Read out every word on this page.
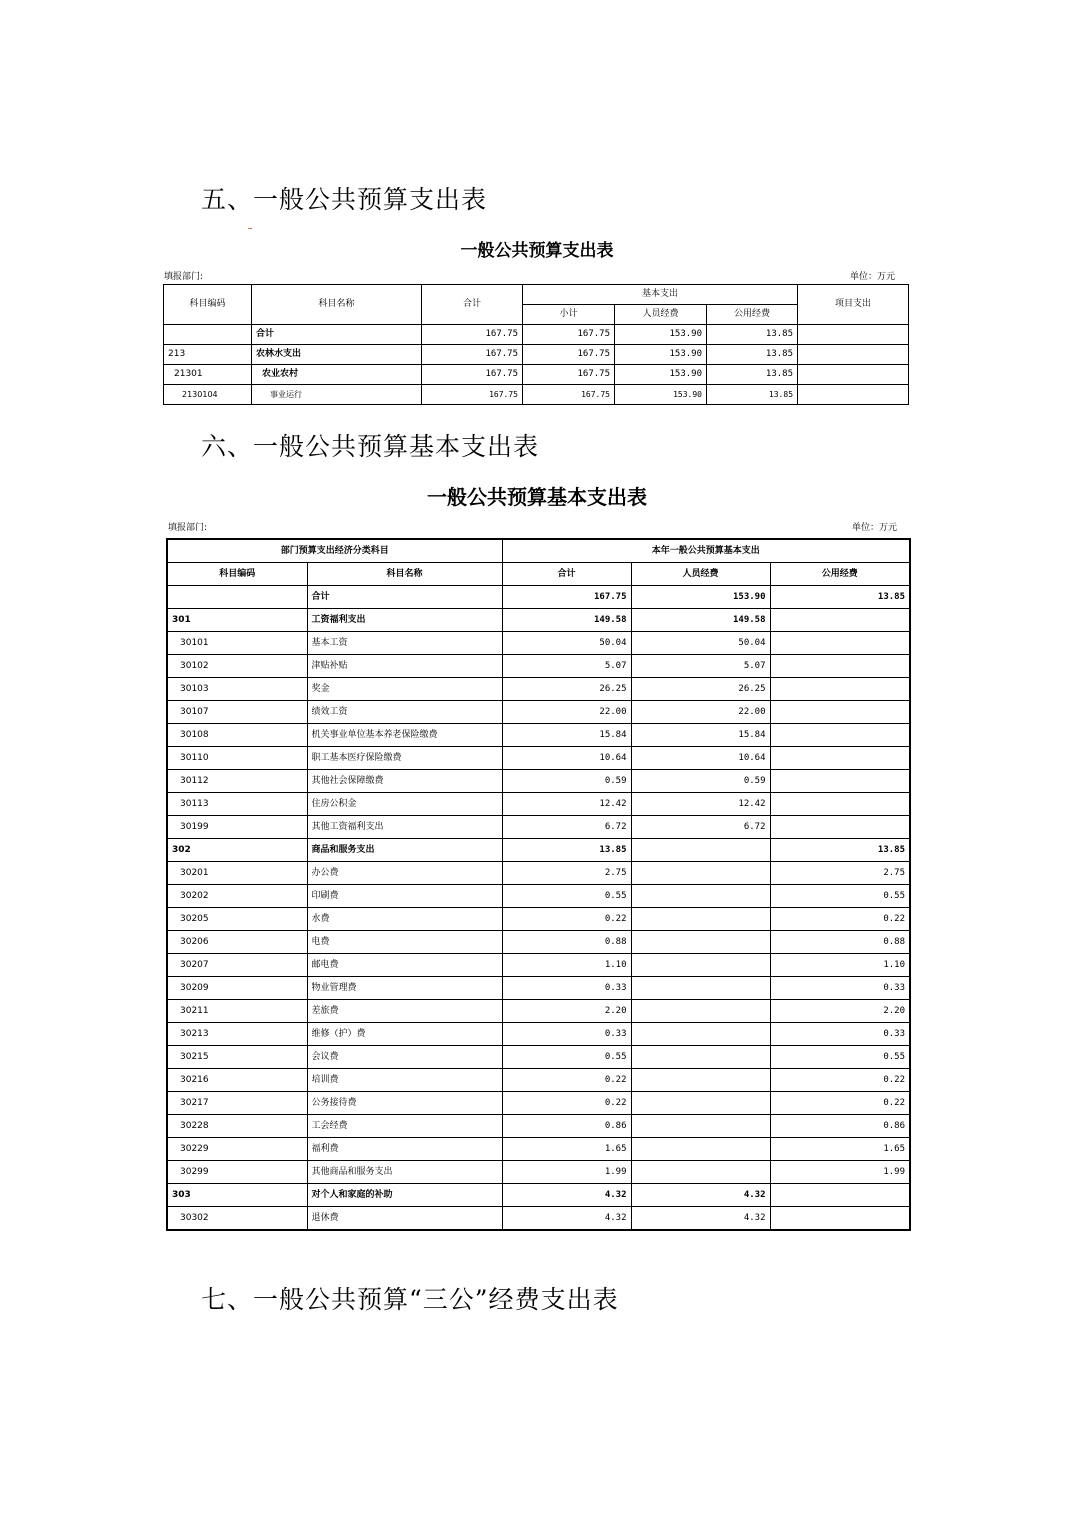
五、一般公共预算支出表
一般公共预算支出表
填报部门:	单位：万元
科目编码	科目名称	合计	基本支出			项目支出
			小计	人员经费	公用经费	
	合计	167.75	167.75	153.90	13.85	
213	农林水支出	167.75	167.75	153.90	13.85	
21301	农业农村	167.75	167.75	153.90	13.85	
2130104	事业运行	167.75	167.75	153.90	13.85	
六、一般公共预算基本支出表
一般公共预算基本支出表
填报部门:	单位：万元
部门预算支出经济分类科目		本年一般公共预算基本支出		
科目编码	科目名称	合计	人员经费	公用经费
	合计	167.75	153.90	13.85
301	工资福利支出	149.58	149.58	
30101	基本工资	50.04	50.04	
30102	津贴补贴	5.07	5.07	
30103	奖金	26.25	26.25	
30107	绩效工资	22.00	22.00	
30108	机关事业单位基本养老保险缴费	15.84	15.84	
30110	职工基本医疗保险缴费	10.64	10.64	
30112	其他社会保障缴费	0.59	0.59	
30113	住房公积金	12.42	12.42	
30199	其他工资福利支出	6.72	6.72	
302	商品和服务支出	13.85		13.85
30201	办公费	2.75		2.75
30202	印刷费	0.55		0.55
30205	水费	0.22		0.22
30206	电费	0.88		0.88
30207	邮电费	1.10		1.10
30209	物业管理费	0.33		0.33
30211	差旅费	2.20		2.20
30213	维修（护）费	0.33		0.33
30215	会议费	0.55		0.55
30216	培训费	0.22		0.22
30217	公务接待费	0.22		0.22
30228	工会经费	0.86		0.86
30229	福利费	1.65		1.65
30299	其他商品和服务支出	1.99		1.99
303	对个人和家庭的补助	4.32	4.32	
30302	退休费	4.32	4.32	
七、一般公共预算“三公”经费支出表
